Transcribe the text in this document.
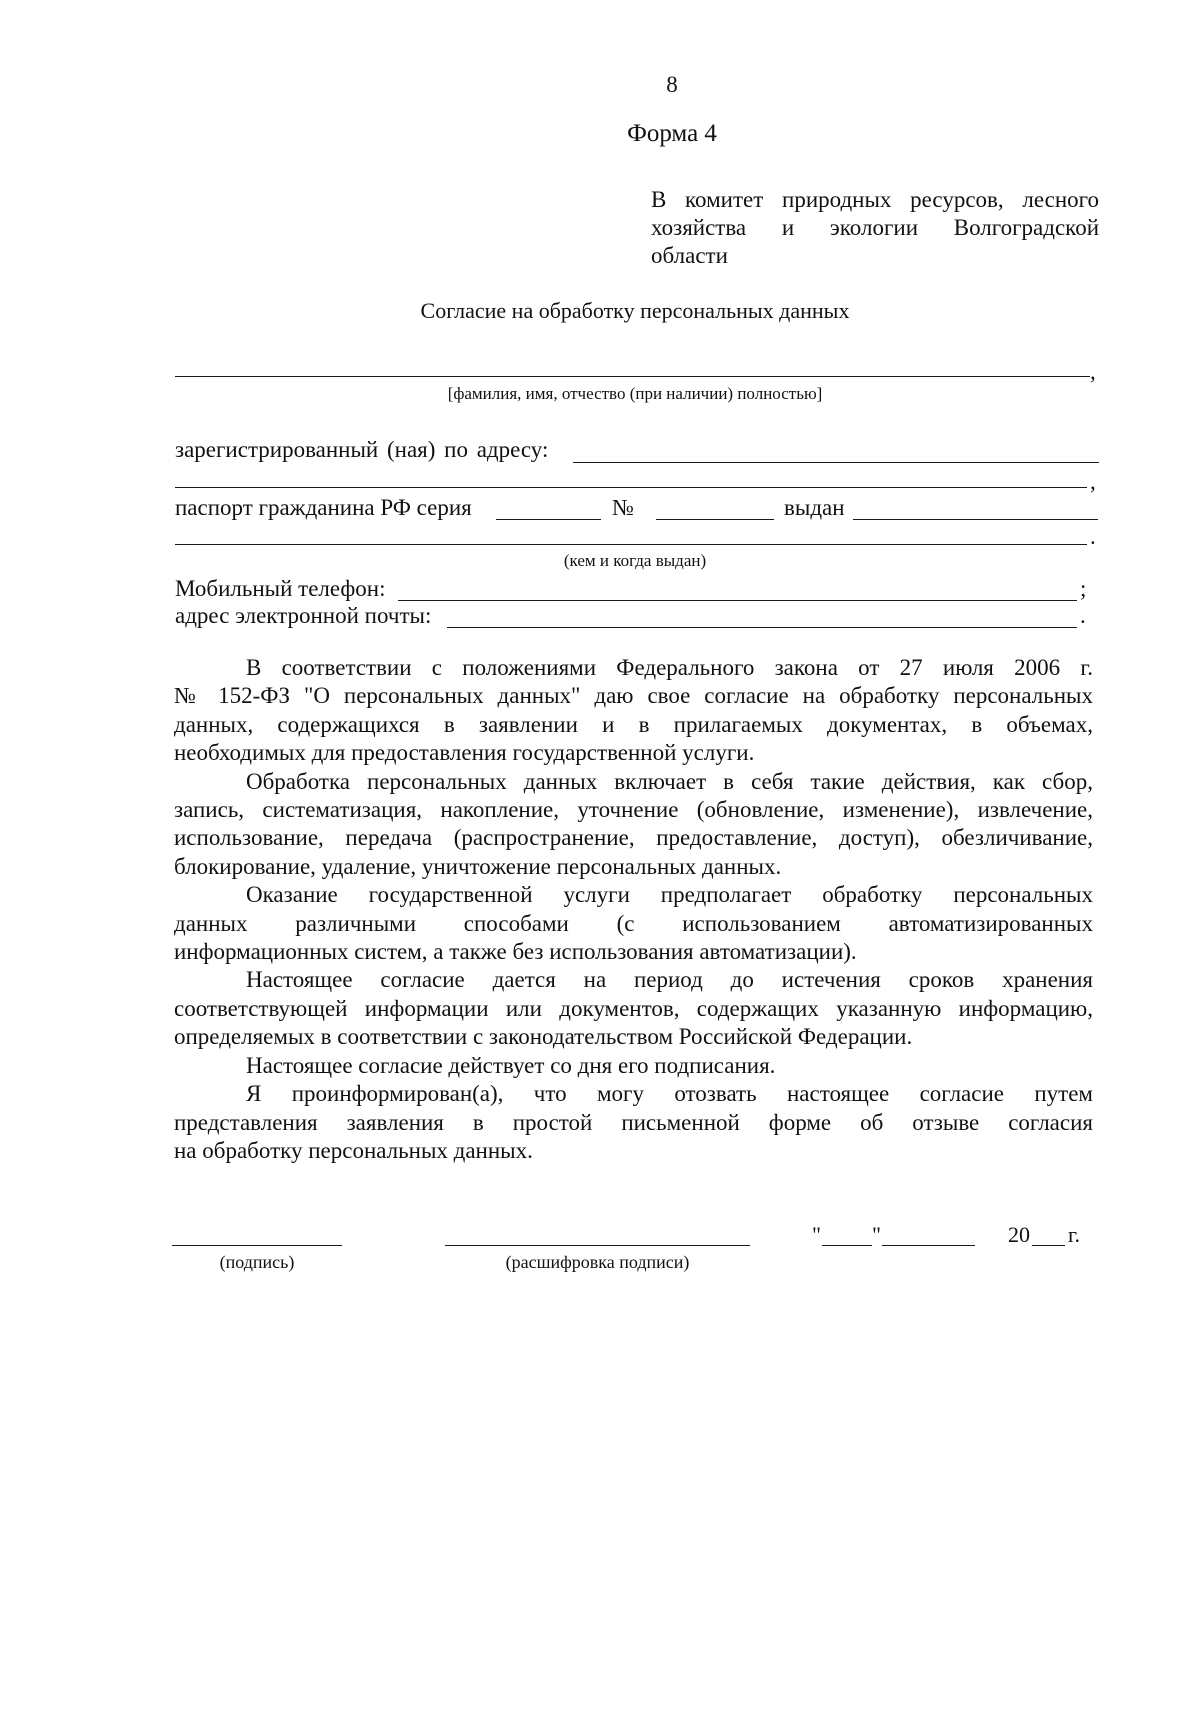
8
Форма 4
В комитет природных ресурсов, лесного
хозяйства и экологии Волгоградской
области
Согласие на обработку персональных данных
,
[фамилия, имя, отчество (при наличии) полностью]
зарегистрированный (ная) по адресу:
,
паспорт гражданина РФ серия	№	выдан
.
(кем и когда выдан)
Мобильный телефон:	;
адрес электронной почты:	.

В соответствии с положениями Федерального закона от 27 июля 2006 г.

№ 152-ФЗ "О персональных данных" даю свое согласие на обработку персональных
данных, содержащихся в заявлении и в прилагаемых документах, в объемах,
необходимых для предоставления государственной услуги.

Обработка персональных данных включает в себя такие действия, как сбор,

запись, систематизация, накопление, уточнение (обновление, изменение), извлечение,
использование, передача (распространение, предоставление, доступ), обезличивание,
блокирование, удаление, уничтожение персональных данных.

Оказание государственной услуги предполагает обработку персональных

данных различными способами (с использованием автоматизированных
информационных систем, а также без использования автоматизации).

Настоящее согласие дается на период до истечения сроков хранения

соответствующей информации или документов, содержащих указанную информацию,
определяемых в соответствии с законодательством Российской Федерации.

Настоящее согласие действует со дня его подписания.

Я проинформирован(а), что могу отозвать настоящее согласие путем

представления заявления в простой письменной форме об отзыве согласия
на обработку персональных данных.
(подпись)	(расшифровка подписи)
" "	20 г.
